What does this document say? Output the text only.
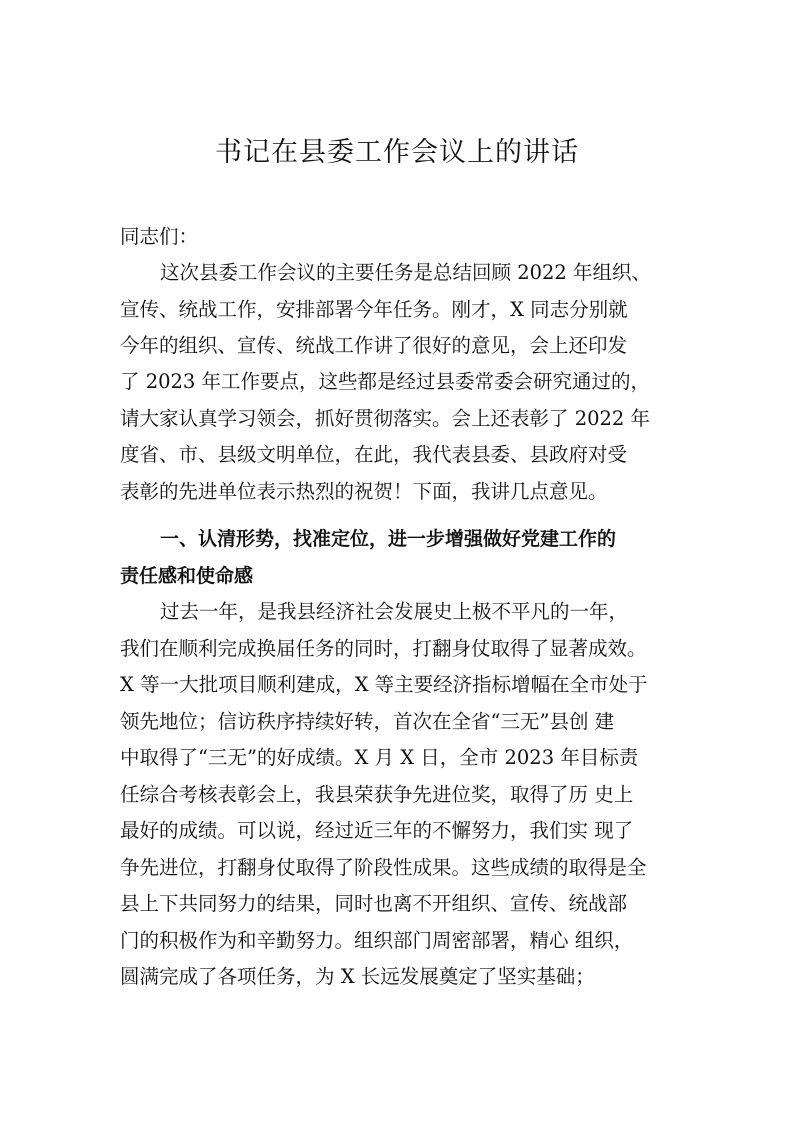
书记在县委工作会议上的讲话
同志们：
这次县委工作会议的主要任务是总结回顾 2022 年组织、
宣传、统战工作，安排部署今年任务。刚才，X 同志分别就
今年的组织、宣传、统战工作讲了很好的意见，会上还印发
了 2023 年工作要点，这些都是经过县委常委会研究通过的，
请大家认真学习领会，抓好贯彻落实。会上还表彰了 2022 年
度省、市、县级文明单位，在此，我代表县委、县政府对受
表彰的先进单位表示热烈的祝贺！下面，我讲几点意见。
一、认清形势，找准定位，进一步增强做好党建工作的
责任感和使命感
过去一年，是我县经济社会发展史上极不平凡的一年，
我们在顺利完成换届任务的同时，打翻身仗取得了显著成效。
X 等一大批项目顺利建成，X 等主要经济指标增幅在全市处于
领先地位；信访秩序持续好转，首次在全省“三无”县创 建
中取得了“三无”的好成绩。X 月 X 日，全市 2023 年目标责
任综合考核表彰会上，我县荣获争先进位奖，取得了历 史上
最好的成绩。可以说，经过近三年的不懈努力，我们实 现了
争先进位，打翻身仗取得了阶段性成果。这些成绩的取得是全
县上下共同努力的结果，同时也离不开组织、宣传、统战部
门的积极作为和辛勤努力。组织部门周密部署，精心 组织，
圆满完成了各项任务，为 X 长远发展奠定了坚实基础；
